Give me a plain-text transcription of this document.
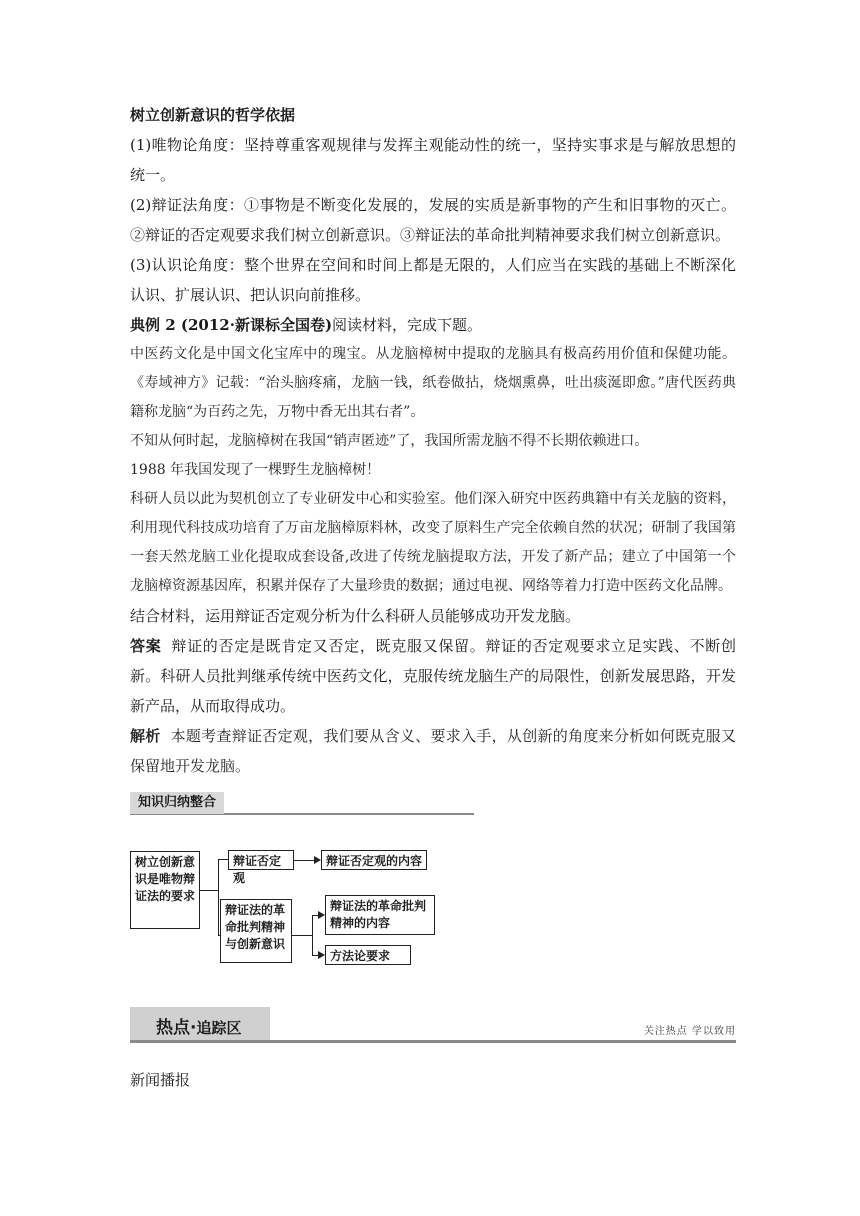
树立创新意识的哲学依据

(1)唯物论角度：坚持尊重客观规律与发挥主观能动性的统一，坚持实事求是与解放思想的统一。

(2)辩证法角度：①事物是不断变化发展的，发展的实质是新事物的产生和旧事物的灭亡。②辩证的否定观要求我们树立创新意识。③辩证法的革命批判精神要求我们树立创新意识。

(3)认识论角度：整个世界在空间和时间上都是无限的，人们应当在实践的基础上不断深化认识、扩展认识、把认识向前推移。

典例 2 (2012·新课标全国卷)阅读材料，完成下题。

中医药文化是中国文化宝库中的瑰宝。从龙脑樟树中提取的龙脑具有极高药用价值和保健功能。《寿域神方》记载：“治头脑疼痛，龙脑一钱，纸卷做拈，烧烟熏鼻，吐出痰涎即愈。”唐代医药典籍称龙脑“为百药之先，万物中香无出其右者”。

不知从何时起，龙脑樟树在我国“销声匿迹”了，我国所需龙脑不得不长期依赖进口。

1988 年我国发现了一棵野生龙脑樟树！

科研人员以此为契机创立了专业研发中心和实验室。他们深入研究中医药典籍中有关龙脑的资料，利用现代科技成功培育了万亩龙脑樟原料林，改变了原料生产完全依赖自然的状况；研制了我国第一套天然龙脑工业化提取成套设备,改进了传统龙脑提取方法，开发了新产品；建立了中国第一个龙脑樟资源基因库，积累并保存了大量珍贵的数据；通过电视、网络等着力打造中医药文化品牌。

结合材料，运用辩证否定观分析为什么科研人员能够成功开发龙脑。

答案 辩证的否定是既肯定又否定，既克服又保留。辩证的否定观要求立足实践、不断创新。科研人员批判继承传统中医药文化，克服传统龙脑生产的局限性，创新发展思路，开发新产品，从而取得成功。

解析 本题考查辩证否定观，我们要从含义、要求入手，从创新的角度来分析如何既克服又保留地开发龙脑。

知识归纳整合
树立创新意识是唯物辩证法的要求
辩证否定观
辩证否定观的内容
辩证法的革命批判精神与创新意识
辩证法的革命批判精神的内容
方法论要求
热点·追踪区	关注热点 学以致用

新闻播报
